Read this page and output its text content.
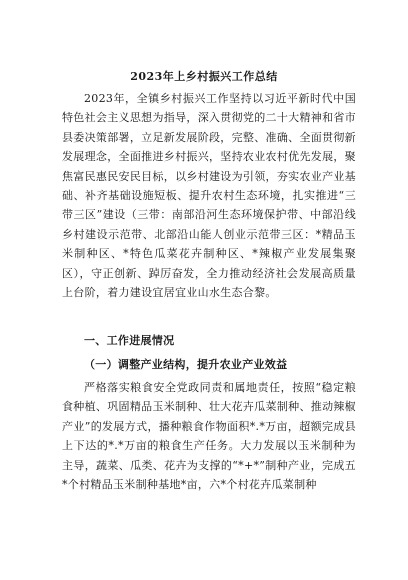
2023年上乡村振兴工作总结

2023年，全镇乡村振兴工作坚持以习近平新时代中国特色社会主义思想为指导，深入贯彻党的二十大精神和省市县委决策部署，立足新发展阶段，完整、准确、全面贯彻新发展理念，全面推进乡村振兴，坚持农业农村优先发展，聚焦富民惠民安民目标，以乡村建设为引领，夯实农业产业基础、补齐基础设施短板、提升农村生态环境，扎实推进“三带三区”建设（三带：南部沿河生态环境保护带、中部沿线乡村建设示范带、北部沿山能人创业示范带三区：*精品玉米制种区、*特色瓜菜花卉制种区、*辣椒产业发展集聚区），守正创新、踔厉奋发，全力推动经济社会发展高质量上台阶，着力建设宜居宜业山水生态合黎。

一、工作进展情况

（一）调整产业结构，提升农业产业效益

严格落实粮食安全党政同责和属地责任，按照“稳定粮食种植、巩固精品玉米制种、壮大花卉瓜菜制种、推动辣椒产业”的发展方式，播种粮食作物面积*.*万亩，超额完成县上下达的*.*万亩的粮食生产任务。大力发展以玉米制种为主导，蔬菜、瓜类、花卉为支撑的“*+*”制种产业，完成五*个村精品玉米制种基地*亩，六*个村花卉瓜菜制种
